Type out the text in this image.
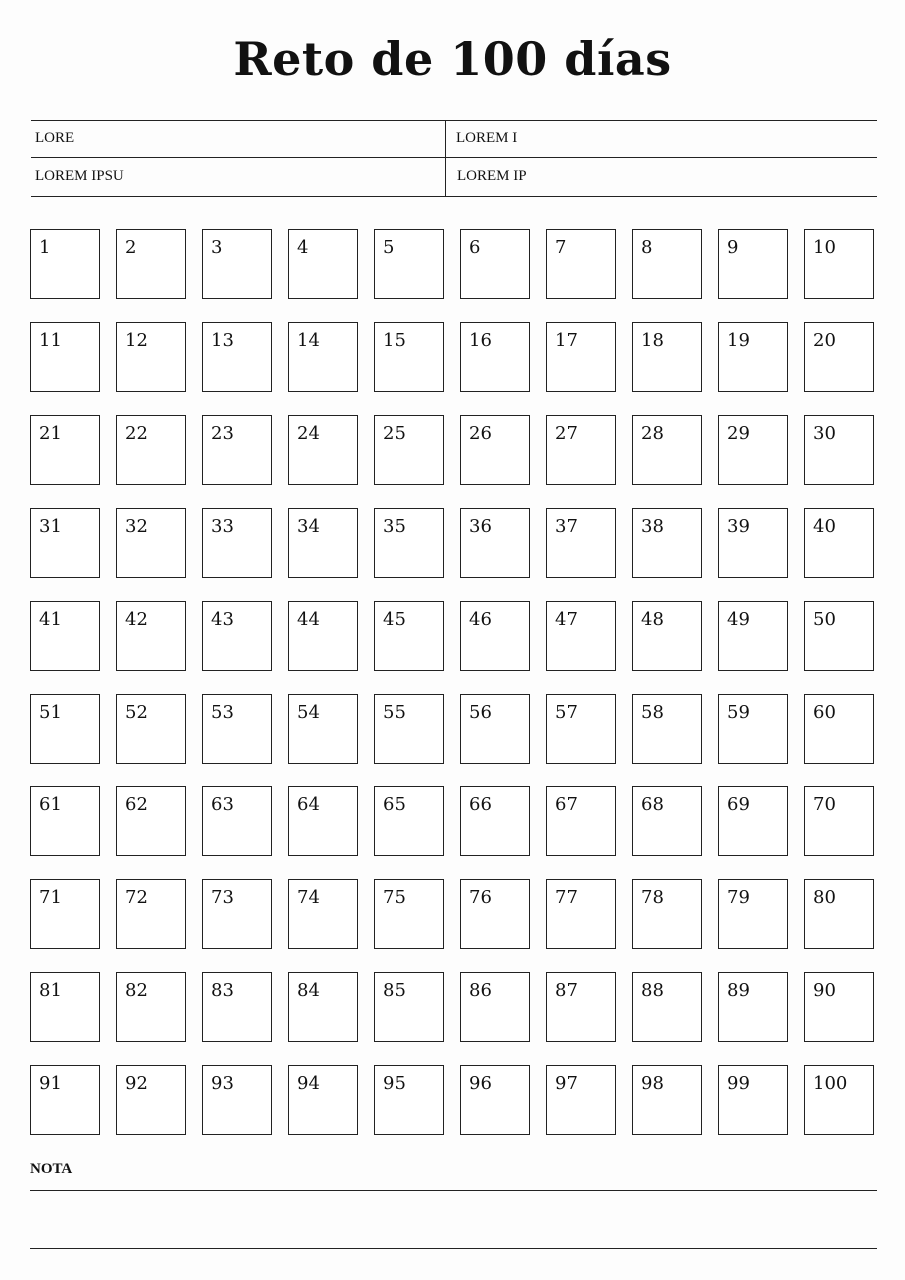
Reto de 100 días
LORE	LOREM I
LOREM IPSU	LOREM IP
1	2	3	4	5	6	7	8	9	10
11	12	13	14	15	16	17	18	19	20
21	22	23	24	25	26	27	28	29	30
31	32	33	34	35	36	37	38	39	40
41	42	43	44	45	46	47	48	49	50
51	52	53	54	55	56	57	58	59	60
61	62	63	64	65	66	67	68	69	70
71	72	73	74	75	76	77	78	79	80
81	82	83	84	85	86	87	88	89	90
91	92	93	94	95	96	97	98	99	100
NOTA
